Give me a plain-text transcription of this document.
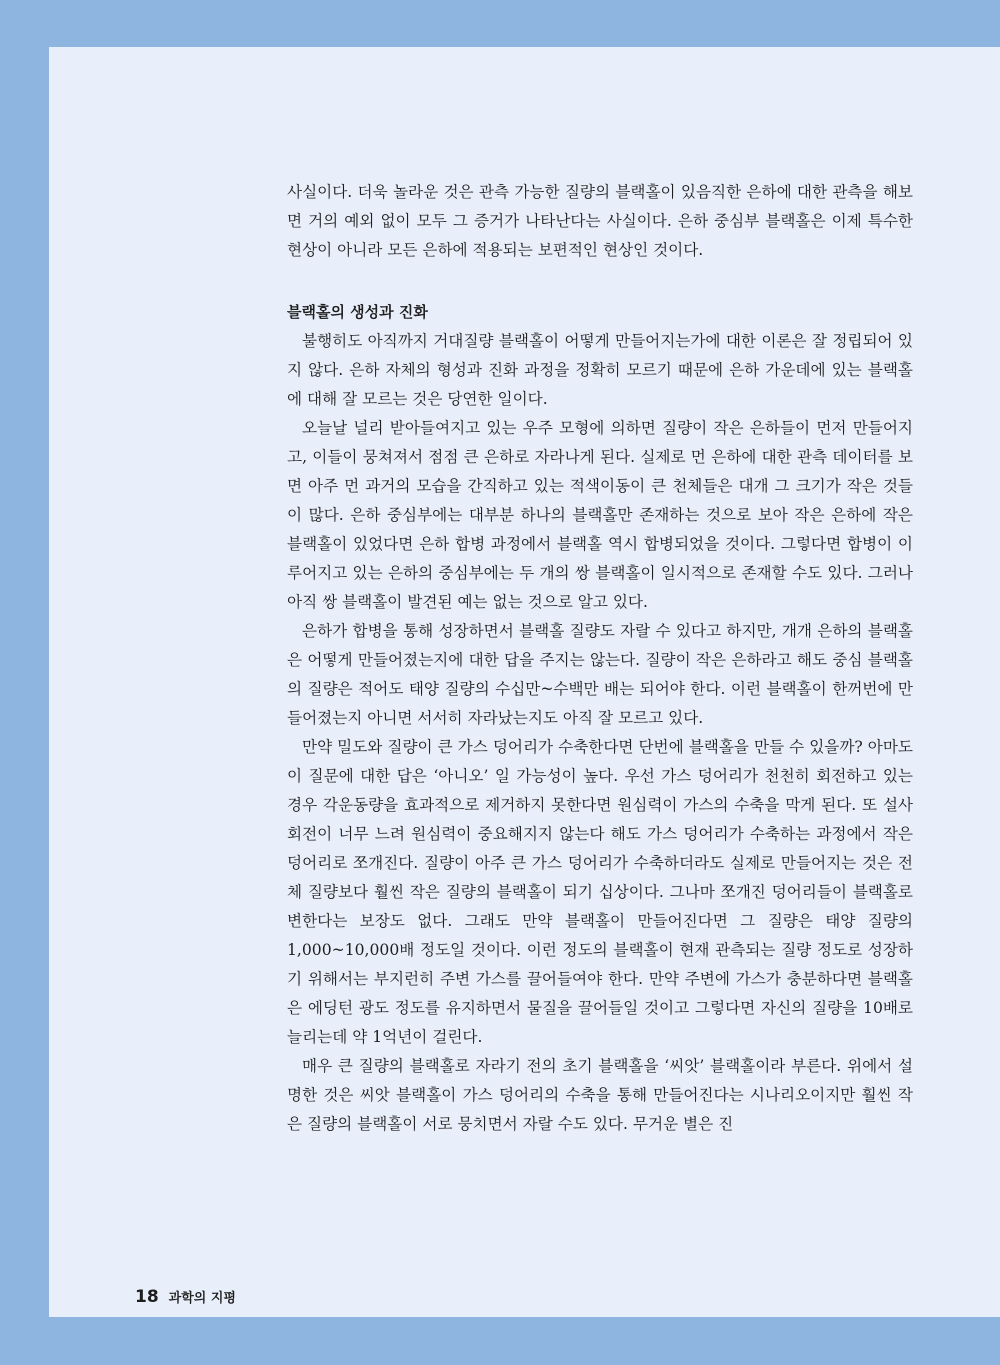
사실이다. 더욱 놀라운 것은 관측 가능한 질량의 블랙홀이 있음직한 은하에 대한 관측을 해보면 거의 예외 없이 모두 그 증거가 나타난다는 사실이다. 은하 중심부 블랙홀은 이제 특수한 현상이 아니라 모든 은하에 적용되는 보편적인 현상인 것이다.

블랙홀의 생성과 진화

불행히도 아직까지 거대질량 블랙홀이 어떻게 만들어지는가에 대한 이론은 잘 정립되어 있지 않다. 은하 자체의 형성과 진화 과정을 정확히 모르기 때문에 은하 가운데에 있는 블랙홀에 대해 잘 모르는 것은 당연한 일이다.

오늘날 널리 받아들여지고 있는 우주 모형에 의하면 질량이 작은 은하들이 먼저 만들어지고, 이들이 뭉쳐져서 점점 큰 은하로 자라나게 된다. 실제로 먼 은하에 대한 관측 데이터를 보면 아주 먼 과거의 모습을 간직하고 있는 적색이동이 큰 천체들은 대개 그 크기가 작은 것들이 많다. 은하 중심부에는 대부분 하나의 블랙홀만 존재하는 것으로 보아 작은 은하에 작은 블랙홀이 있었다면 은하 합병 과정에서 블랙홀 역시 합병되었을 것이다. 그렇다면 합병이 이루어지고 있는 은하의 중심부에는 두 개의 쌍 블랙홀이 일시적으로 존재할 수도 있다. 그러나 아직 쌍 블랙홀이 발견된 예는 없는 것으로 알고 있다.

은하가 합병을 통해 성장하면서 블랙홀 질량도 자랄 수 있다고 하지만, 개개 은하의 블랙홀은 어떻게 만들어졌는지에 대한 답을 주지는 않는다. 질량이 작은 은하라고 해도 중심 블랙홀의 질량은 적어도 태양 질량의 수십만~수백만 배는 되어야 한다. 이런 블랙홀이 한꺼번에 만들어졌는지 아니면 서서히 자라났는지도 아직 잘 모르고 있다.

만약 밀도와 질량이 큰 가스 덩어리가 수축한다면 단번에 블랙홀을 만들 수 있을까? 아마도 이 질문에 대한 답은 ‘아니오’ 일 가능성이 높다. 우선 가스 덩어리가 천천히 회전하고 있는 경우 각운동량을 효과적으로 제거하지 못한다면 원심력이 가스의 수축을 막게 된다. 또 설사 회전이 너무 느려 원심력이 중요해지지 않는다 해도 가스 덩어리가 수축하는 과정에서 작은 덩어리로 쪼개진다. 질량이 아주 큰 가스 덩어리가 수축하더라도 실제로 만들어지는 것은 전체 질량보다 훨씬 작은 질량의 블랙홀이 되기 십상이다. 그나마 쪼개진 덩어리들이 블랙홀로 변한다는 보장도 없다. 그래도 만약 블랙홀이 만들어진다면 그 질량은 태양 질량의 1,000~10,000배 정도일 것이다. 이런 정도의 블랙홀이 현재 관측되는 질량 정도로 성장하기 위해서는 부지런히 주변 가스를 끌어들여야 한다. 만약 주변에 가스가 충분하다면 블랙홀은 에딩턴 광도 정도를 유지하면서 물질을 끌어들일 것이고 그렇다면 자신의 질량을 10배로 늘리는데 약 1억년이 걸린다.

매우 큰 질량의 블랙홀로 자라기 전의 초기 블랙홀을 ‘씨앗’ 블랙홀이라 부른다. 위에서 설명한 것은 씨앗 블랙홀이 가스 덩어리의 수축을 통해 만들어진다는 시나리오이지만 훨씬 작은 질량의 블랙홀이 서로 뭉치면서 자랄 수도 있다. 무거운 별은 진

18 과학의 지평
